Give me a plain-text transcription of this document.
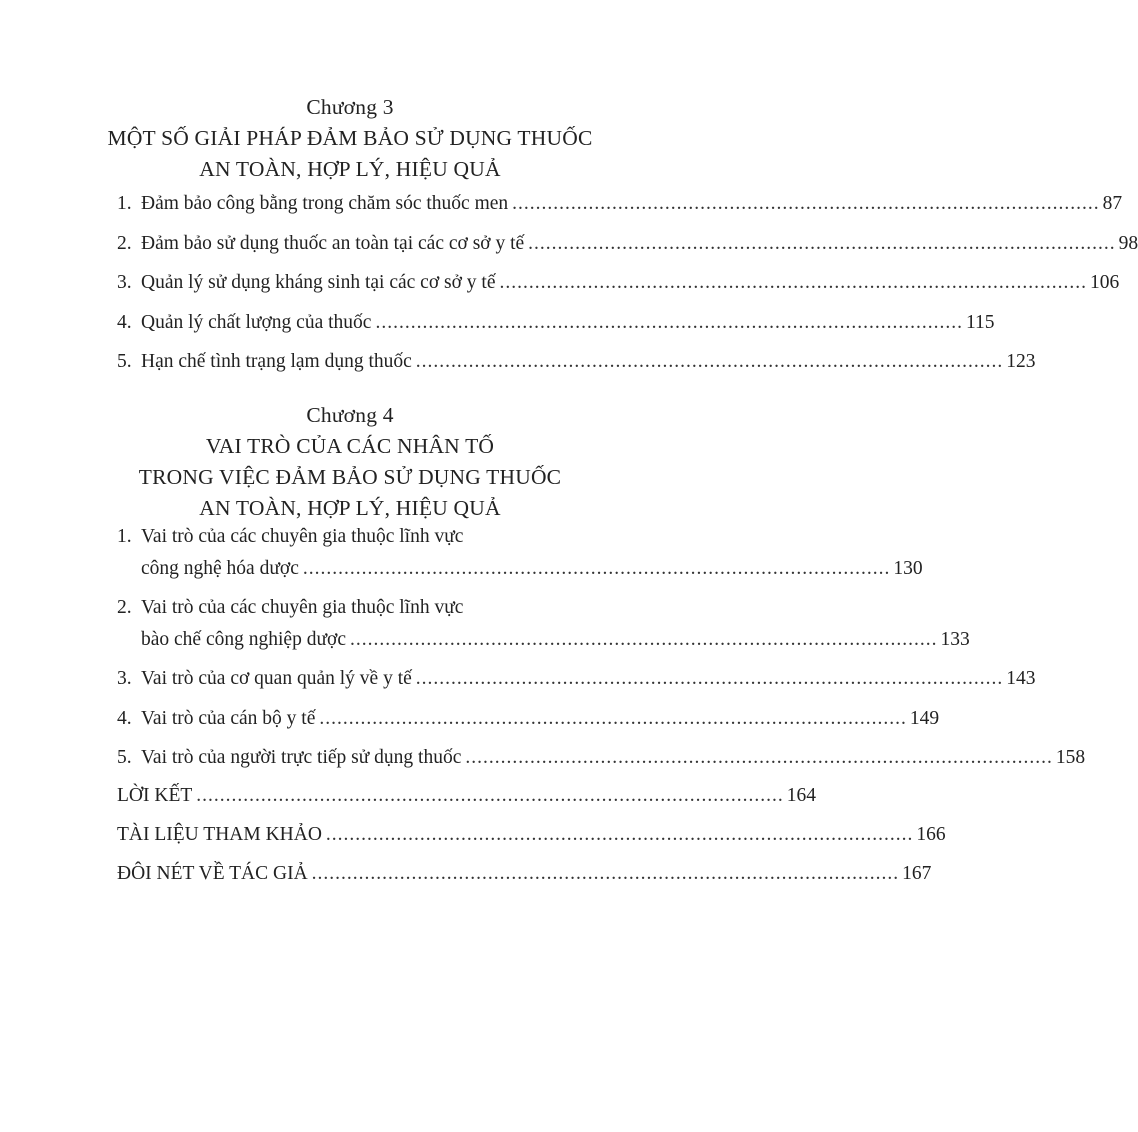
Chương 3
MỘT SỐ GIẢI PHÁP ĐẢM BẢO SỬ DỤNG THUỐC
AN TOÀN, HỢP LÝ, HIỆU QUẢ
1. Đảm bảo công bằng trong chăm sóc thuốc men .................................................................................................... 87
2. Đảm bảo sử dụng thuốc an toàn tại các cơ sở y tế .................................................................................................... 98
3. Quản lý sử dụng kháng sinh tại các cơ sở y tế .................................................................................................... 106
4. Quản lý chất lượng của thuốc .................................................................................................... 115
5. Hạn chế tình trạng lạm dụng thuốc .................................................................................................... 123
Chương 4
VAI TRÒ CỦA CÁC NHÂN TỐ
TRONG VIỆC ĐẢM BẢO SỬ DỤNG THUỐC
AN TOÀN, HỢP LÝ, HIỆU QUẢ
1. Vai trò của các chuyên gia thuộc lĩnh vực
công nghệ hóa dược .................................................................................................... 130
2. Vai trò của các chuyên gia thuộc lĩnh vực
bào chế công nghiệp dược .................................................................................................... 133
3. Vai trò của cơ quan quản lý về y tế .................................................................................................... 143
4. Vai trò của cán bộ y tế .................................................................................................... 149
5. Vai trò của người trực tiếp sử dụng thuốc .................................................................................................... 158
LỜI KẾT .................................................................................................... 164
TÀI LIỆU THAM KHẢO .................................................................................................... 166
ĐÔI NÉT VỀ TÁC GIẢ .................................................................................................... 167
